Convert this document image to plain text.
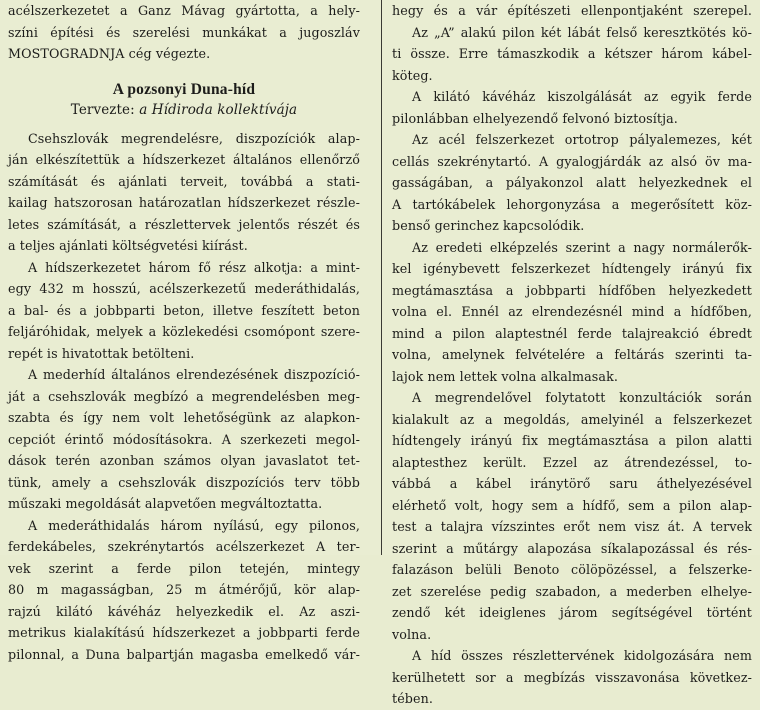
acélszerkezetet a Ganz Mávag gyártotta, a hely-
színi építési és szerelési munkákat a jugoszláv
MOSTOGRADNJA cég végezte.
A pozsonyi Duna-híd
Tervezte: a Hídiroda kollektívája
Csehszlovák megrendelésre, diszpozíciók alap-
ján elkészítettük a hídszerkezet általános ellenőrző
számítását és ajánlati terveit, továbbá a stati-
kailag hatszorosan határozatlan hídszerkezet részle-
letes számítását, a részlettervek jelentős részét és
a teljes ajánlati költségvetési kiírást.
A hídszerkezetet három fő rész alkotja: a mint-
egy 432 m hosszú, acélszerkezetű mederáthidalás,
a bal- és a jobbparti beton, illetve feszített beton
feljáróhidak, melyek a közlekedési csomópont szere-
repét is hivatottak betölteni.
A mederhíd általános elrendezésének diszpozíció-
ját a csehszlovák megbízó a megrendelésben meg-
szabta és így nem volt lehetőségünk az alapkon-
cepciót érintő módosításokra. A szerkezeti megol-
dások terén azonban számos olyan javaslatot tet-
tünk, amely a csehszlovák diszpozíciós terv több
műszaki megoldását alapvetően megváltoztatta.
A mederáthidalás három nyílású, egy pilonos,
ferdekábeles, szekrénytartós acélszerkezet A ter-
vek szerint a ferde pilon tetején, mintegy
80 m magasságban, 25 m átmérőjű, kör alap-
rajzú kilátó kávéház helyezkedik el. Az aszi-
metrikus kialakítású hídszerkezet a jobbparti ferde
pilonnal, a Duna balpartján magasba emelkedő vár-
hegy és a vár építészeti ellenpontjaként szerepel.
Az „A” alakú pilon két lábát felső keresztkötés kö-
ti össze. Erre támaszkodik a kétszer három kábel-
köteg.
A kilátó kávéház kiszolgálását az egyik ferde
pilonlábban elhelyezendő felvonó biztosítja.
Az acél felszerkezet ortotrop pályalemezes, két
cellás szekrénytartó. A gyalogjárdák az alsó öv ma-
gasságában, a pályakonzol alatt helyezkednek el
A tartókábelek lehorgonyzása a megerősített köz-
benső gerinchez kapcsolódik.
Az eredeti elképzelés szerint a nagy normálerők-
kel igénybevett felszerkezet hídtengely irányú fix
megtámasztása a jobbparti hídfőben helyezkedett
volna el. Ennél az elrendezésnél mind a hídfőben,
mind a pilon alaptestnél ferde talajreakció ébredt
volna, amelynek felvételére a feltárás szerinti ta-
lajok nem lettek volna alkalmasak.
A megrendelővel folytatott konzultációk során
kialakult az a megoldás, amelyinél a felszerkezet
hídtengely irányú fix megtámasztása a pilon alatti
alaptesthez került. Ezzel az átrendezéssel, to-
vábbá a kábel iránytörő saru áthelyezésével
elérhető volt, hogy sem a hídfő, sem a pilon alap-
test a talajra vízszintes erőt nem visz át. A tervek
szerint a műtárgy alapozása síkalapozással és rés-
falazáson belüli Benoto cölöpözéssel, a felszerke-
zet szerelése pedig szabadon, a mederben elhelye-
zendő két ideiglenes járom segítségével történt
volna.
A híd összes részlettervének kidolgozására nem
kerülhetett sor a megbízás visszavonása következ-
tében.
